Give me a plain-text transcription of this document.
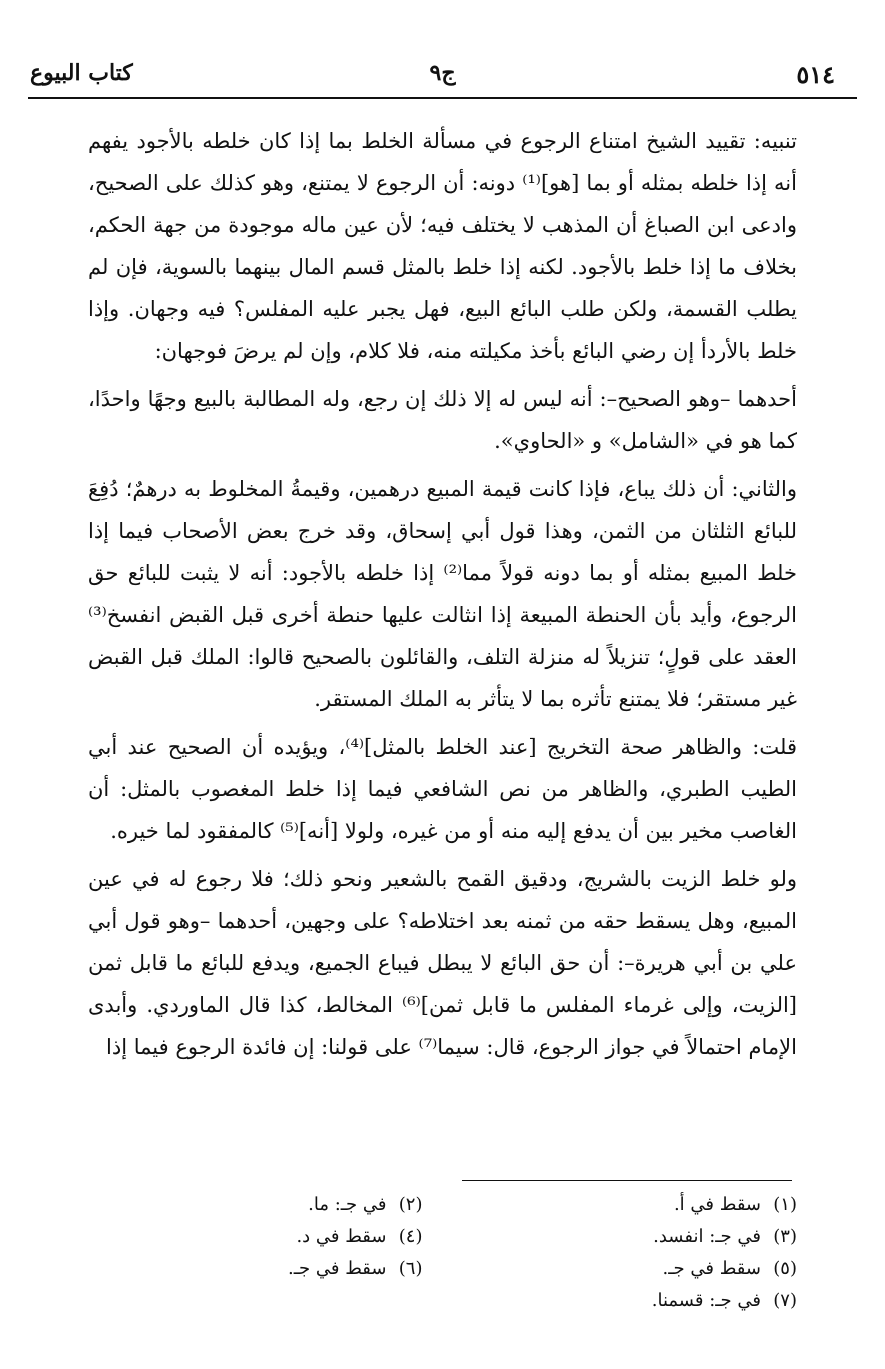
٥١٤
ج٩
كتاب البيوع

تنبيه: تقييد الشيخ امتناع الرجوع في مسألة الخلط بما إذا كان خلطه بالأجود يفهم أنه إذا خلطه بمثله أو بما [هو]⁽¹⁾ دونه: أن الرجوع لا يمتنع، وهو كذلك على الصحيح، وادعى ابن الصباغ أن المذهب لا يختلف فيه؛ لأن عين ماله موجودة من جهة الحكم، بخلاف ما إذا خلط بالأجود. لكنه إذا خلط بالمثل قسم المال بينهما بالسوية، فإن لم يطلب القسمة، ولكن طلب البائع البيع، فهل يجبر عليه المفلس؟ فيه وجهان. وإذا خلط بالأردأ إن رضي البائع بأخذ مكيلته منه، فلا كلام، وإن لم يرضَ فوجهان:

أحدهما –وهو الصحيح–: أنه ليس له إلا ذلك إن رجع، وله المطالبة بالبيع وجهًا واحدًا، كما هو في «الشامل» و «الحاوي».

والثاني: أن ذلك يباع، فإذا كانت قيمة المبيع درهمين، وقيمةُ المخلوط به درهمٌ؛ دُفِعَ للبائع الثلثان من الثمن، وهذا قول أبي إسحاق، وقد خرج بعض الأصحاب فيما إذا خلط المبيع بمثله أو بما دونه قولاً مما⁽²⁾ إذا خلطه بالأجود: أنه لا يثبت للبائع حق الرجوع، وأيد بأن الحنطة المبيعة إذا انثالت عليها حنطة أخرى قبل القبض انفسخ⁽³⁾ العقد على قولٍ؛ تنزيلاً له منزلة التلف، والقائلون بالصحيح قالوا: الملك قبل القبض غير مستقر؛ فلا يمتنع تأثره بما لا يتأثر به الملك المستقر.

قلت: والظاهر صحة التخريج [عند الخلط بالمثل]⁽⁴⁾، ويؤيده أن الصحيح عند أبي الطيب الطبري، والظاهر من نص الشافعي فيما إذا خلط المغصوب بالمثل: أن الغاصب مخير بين أن يدفع إليه منه أو من غيره، ولولا [أنه]⁽⁵⁾ كالمفقود لما خيره.

ولو خلط الزيت بالشريج، ودقيق القمح بالشعير ونحو ذلك؛ فلا رجوع له في عين المبيع، وهل يسقط حقه من ثمنه بعد اختلاطه؟ على وجهين، أحدهما –وهو قول أبي علي بن أبي هريرة–: أن حق البائع لا يبطل فيباع الجميع، ويدفع للبائع ما قابل ثمن [الزيت، وإلى غرماء المفلس ما قابل ثمن]⁽⁶⁾ المخالط، كذا قال الماوردي. وأبدى الإمام احتمالاً في جواز الرجوع، قال: سيما⁽⁷⁾ على قولنا: إن فائدة الرجوع فيما إذا

(١)سقط في أ.
(٢)في جـ: ما.
(٣)في جـ: انفسد.
(٤)سقط في د.
(٥)سقط في جـ.
(٦)سقط في جـ.
(٧)في جـ: قسمنا.
